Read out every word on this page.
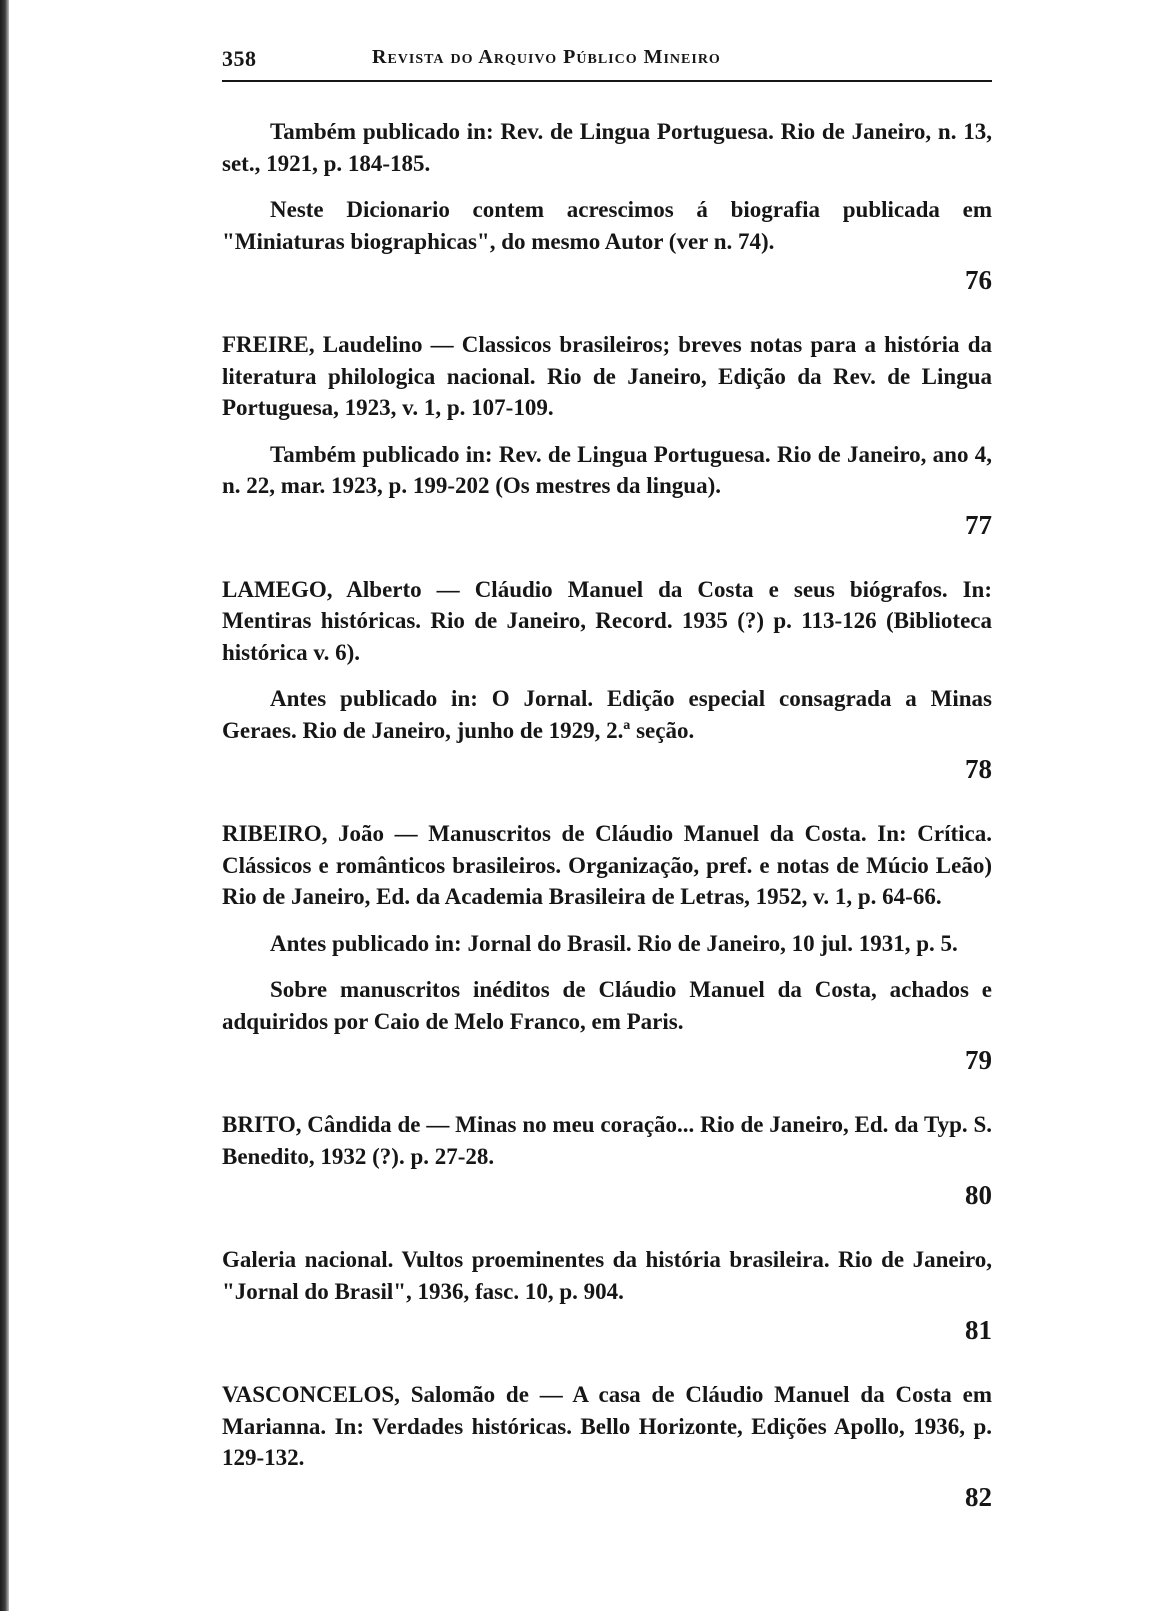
358	Revista do Arquivo Público Mineiro

Também publicado in: Rev. de Lingua Portuguesa. Rio de Janeiro, n. 13, set., 1921, p. 184-185.

Neste Dicionario contem acrescimos á biografia publicada em "Miniaturas biographicas", do mesmo Autor (ver n. 74).

76

FREIRE, Laudelino — Classicos brasileiros; breves notas para a história da literatura philologica nacional. Rio de Janeiro, Edição da Rev. de Lingua Portuguesa, 1923, v. 1, p. 107-109.

Também publicado in: Rev. de Lingua Portuguesa. Rio de Janeiro, ano 4, n. 22, mar. 1923, p. 199-202 (Os mestres da lingua).

77

LAMEGO, Alberto — Cláudio Manuel da Costa e seus biógrafos. In: Mentiras históricas. Rio de Janeiro, Record. 1935 (?) p. 113-126 (Biblioteca histórica v. 6).

Antes publicado in: O Jornal. Edição especial consagrada a Minas Geraes. Rio de Janeiro, junho de 1929, 2.ª seção.

78

RIBEIRO, João — Manuscritos de Cláudio Manuel da Costa. In: Crítica. Clássicos e românticos brasileiros. Organização, pref. e notas de Múcio Leão) Rio de Janeiro, Ed. da Academia Brasileira de Letras, 1952, v. 1, p. 64-66.

Antes publicado in: Jornal do Brasil. Rio de Janeiro, 10 jul. 1931, p. 5.

Sobre manuscritos inéditos de Cláudio Manuel da Costa, achados e adquiridos por Caio de Melo Franco, em Paris.

79

BRITO, Cândida de — Minas no meu coração... Rio de Janeiro, Ed. da Typ. S. Benedito, 1932 (?). p. 27-28.

80

Galeria nacional. Vultos proeminentes da história brasileira. Rio de Janeiro, "Jornal do Brasil", 1936, fasc. 10, p. 904.

81

VASCONCELOS, Salomão de — A casa de Cláudio Manuel da Costa em Marianna. In: Verdades históricas. Bello Horizonte, Edições Apollo, 1936, p. 129-132.

82
